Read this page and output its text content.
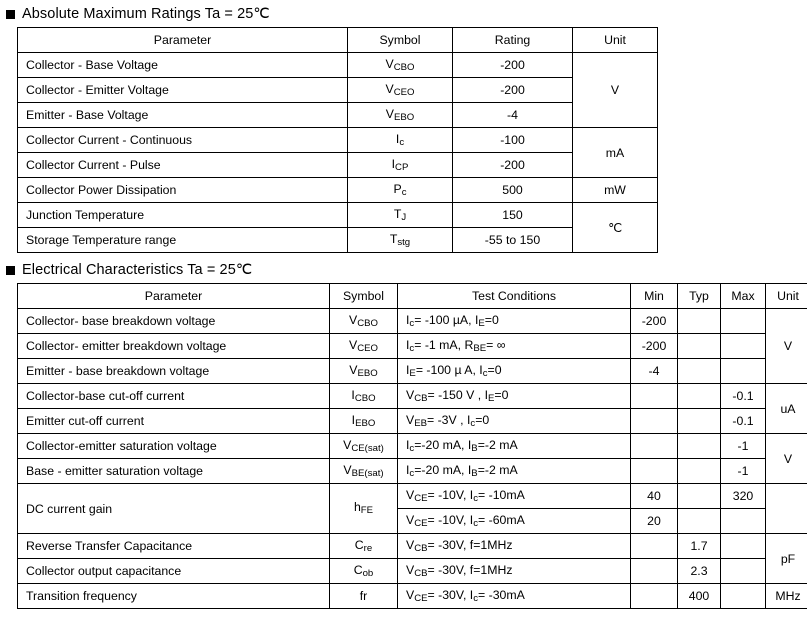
Absolute Maximum Ratings Ta = 25℃
Parameter	Symbol	Rating	Unit
Collector - Base Voltage	$V_{CBO}$	-200	V
Collector - Emitter Voltage	$V_{CEO}$	-200	
Emitter - Base Voltage	$V_{EBO}$	-4	
Collector Current - Continuous	$I_c$	-100	mA
Collector Current - Pulse	$I_{CP}$	-200	
Collector Power Dissipation	$P_c$	500	mW
Junction Temperature	$T_J$	150	℃
Storage Temperature range	$T_{stg}$	-55 to 150	
Electrical Characteristics Ta = 25℃
Parameter	Symbol	Test Conditions	Min	Typ	Max	Unit
Collector- base breakdown voltage	$V_{CBO}$	$I_c= -100$ µA, $I_E=0$	-200			V
Collector- emitter breakdown voltage	$V_{CEO}$	$I_c= -1$ mA, $R_{BE}=$ ∞	-200			
Emitter - base breakdown voltage	$V_{EBO}$	$I_E= -100$ µ A, $I_c=0$	-4			
Collector-base cut-off current	$I_{CBO}$	$V_{CB}= -150$ V , $I_E=0$			-0.1	uA
Emitter cut-off current	$I_{EBO}$	$V_{EB}= -3V$ , $I_c=0$			-0.1	
Collector-emitter saturation voltage	$V_{CE(sat)}$	$I_c=-20$ mA, $I_B=-2$ mA			-1	V
Base - emitter saturation voltage	$V_{BE(sat)}$	$I_c=-20$ mA, $I_B=-2$ mA			-1	
DC current gain	$h_{FE}$	$V_{CE}= -10V$, $I_c= -10mA$	40		320	
		$V_{CE}= -10V$, $I_c= -60mA$	20			
Reverse Transfer Capacitance	$C_{re}$	$V_{CB}= -30V$, f=1MHz		1.7		pF
Collector output capacitance	$C_{ob}$	$V_{CB}= -30V$, f=1MHz		2.3		
Transition frequency	fr	$V_{CE}= -30V$, $I_c= -30mA$		400		MHz
